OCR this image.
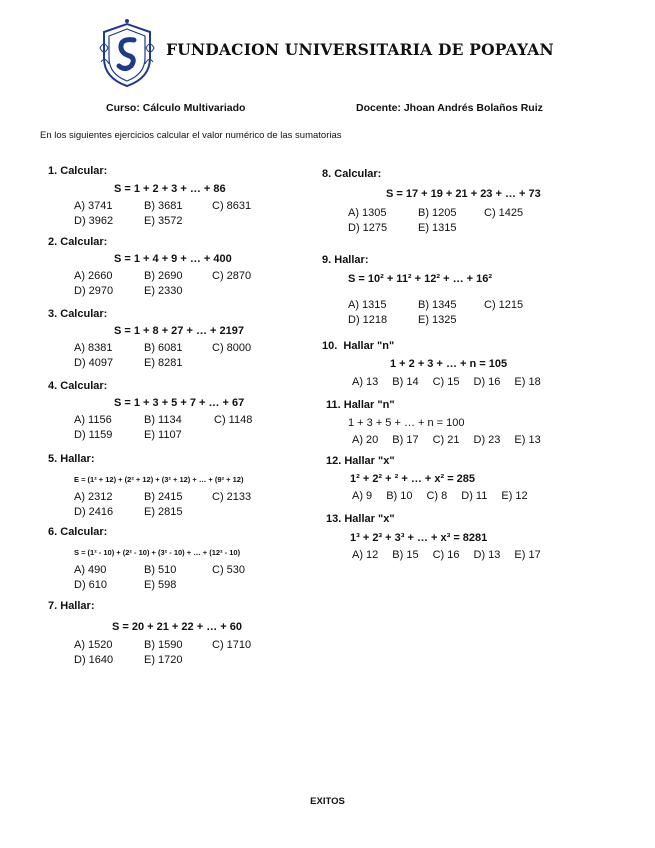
FUNDACION UNIVERSITARIA DE POPAYAN
Curso: Cálculo Multivariado	Docente: Jhoan Andrés Bolaños Ruiz
En los siguientes ejercicios calcular el valor numérico de las sumatorias
1. Calcular:
S = 1 + 2 + 3 + … + 86
A) 3741	B) 3681	C) 8631
D) 3962	E) 3572
2. Calcular:
S = 1 + 4 + 9 + … + 400
A) 2660	B) 2690	C) 2870
D) 2970	E) 2330
3. Calcular:
S = 1 + 8 + 27 + … + 2197
A) 8381	B) 6081	C) 8000
D) 4097	E) 8281
4. Calcular:
S = 1 + 3 + 5 + 7 + … + 67
A) 1156	B) 1134	C) 1148
D) 1159	E) 1107
5. Hallar:
E = (1² + 12) + (2² + 12) + (3² + 12) + … + (9² + 12)
A) 2312	B) 2415	C) 2133
D) 2416	E) 2815
6. Calcular:
S = (1² - 10) + (2² - 10) + (3² - 10) + … + (12² - 10)
A) 490	B) 510	C) 530
D) 610	E) 598
7. Hallar:
S = 20 + 21 + 22 + … + 60
A) 1520	B) 1590	C) 1710
D) 1640	E) 1720
8. Calcular:
S = 17 + 19 + 21 + 23 + … + 73
A) 1305	B) 1205 C) 1425
D) 1275	E) 1315
9. Hallar:
S = 10² + 11² + 12² + … + 16²
A) 1315	B) 1345 C) 1215
D) 1218	E) 1325
10. Hallar "n"
1 + 2 + 3 + … + n = 105
A) 13 B) 14 C) 15 D) 16 E) 18
11. Hallar "n"
1 + 3 + 5 + … + n = 100
A) 20 B) 17 C) 21 D) 23 E) 13
12. Hallar "x"
1² + 2² + ² + … + x² = 285
A) 9 B) 10 C) 8 D) 11 E) 12
13. Hallar "x"
1³ + 2³ + 3³ + … + x³ = 8281
A) 12 B) 15 C) 16 D) 13 E) 17
EXITOS
